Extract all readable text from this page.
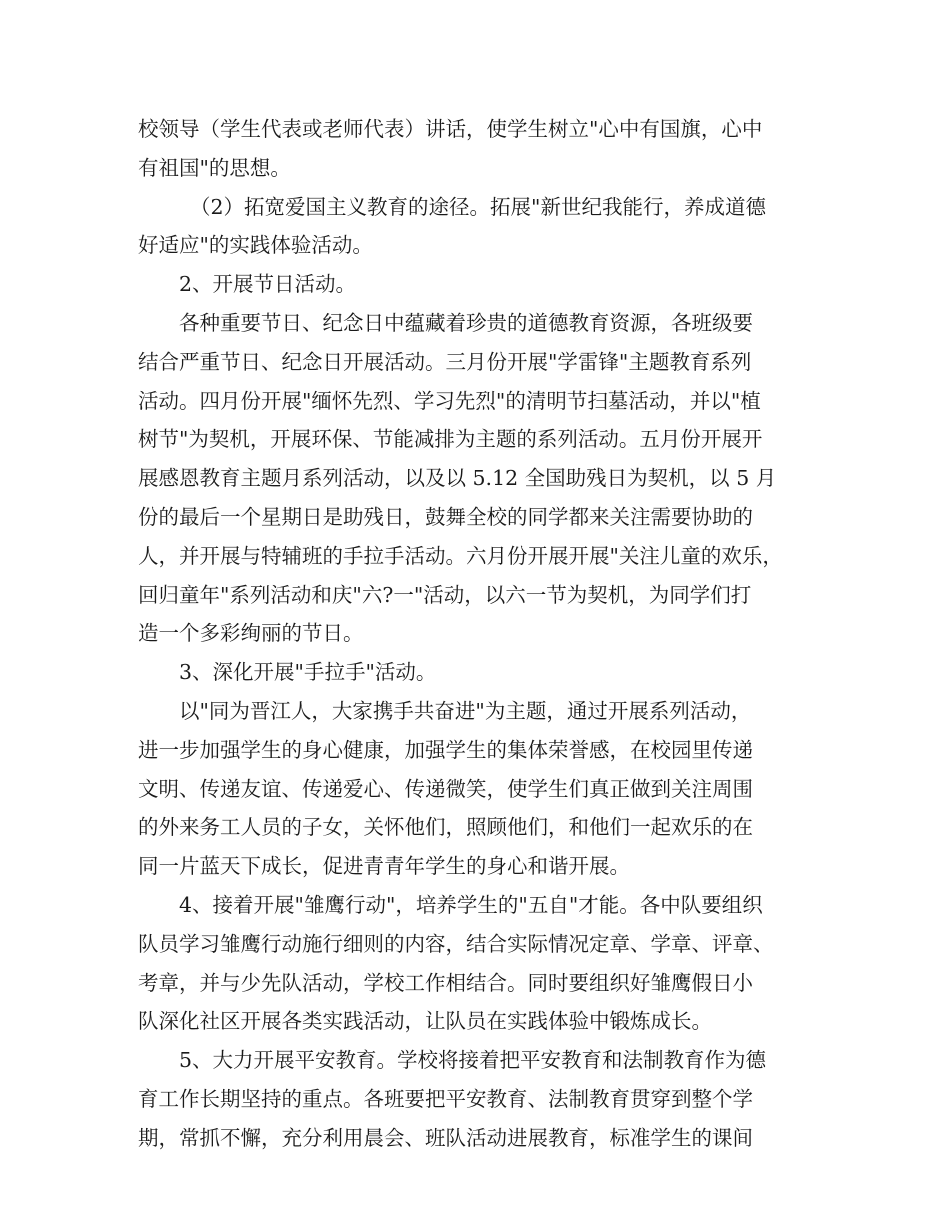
校领导（学生代表或老师代表）讲话，使学生树立"心中有国旗，心中
有祖国"的思想。
（2）拓宽爱国主义教育的途径。拓展"新世纪我能行，养成道德
好适应"的实践体验活动。
2、开展节日活动。
各种重要节日、纪念日中蕴藏着珍贵的道德教育资源，各班级要
结合严重节日、纪念日开展活动。三月份开展"学雷锋"主题教育系列
活动。四月份开展"缅怀先烈、学习先烈"的清明节扫墓活动，并以"植
树节"为契机，开展环保、节能减排为主题的系列活动。五月份开展开
展感恩教育主题月系列活动，以及以 5.12 全国助残日为契机，以 5 月
份的最后一个星期日是助残日，鼓舞全校的同学都来关注需要协助的
人，并开展与特辅班的手拉手活动。六月份开展开展"关注儿童的欢乐，
回归童年"系列活动和庆"六?一"活动，以六一节为契机，为同学们打
造一个多彩绚丽的节日。
3、深化开展"手拉手"活动。
以"同为晋江人，大家携手共奋进"为主题，通过开展系列活动，
进一步加强学生的身心健康，加强学生的集体荣誉感，在校园里传递
文明、传递友谊、传递爱心、传递微笑，使学生们真正做到关注周围
的外来务工人员的子女，关怀他们，照顾他们，和他们一起欢乐的在
同一片蓝天下成长，促进青青年学生的身心和谐开展。
4、接着开展"雏鹰行动"，培养学生的"五自"才能。各中队要组织
队员学习雏鹰行动施行细则的内容，结合实际情况定章、学章、评章、
考章，并与少先队活动，学校工作相结合。同时要组织好雏鹰假日小
队深化社区开展各类实践活动，让队员在实践体验中锻炼成长。
5、大力开展平安教育。学校将接着把平安教育和法制教育作为德
育工作长期坚持的重点。各班要把平安教育、法制教育贯穿到整个学
期，常抓不懈，充分利用晨会、班队活动进展教育，标准学生的课间
